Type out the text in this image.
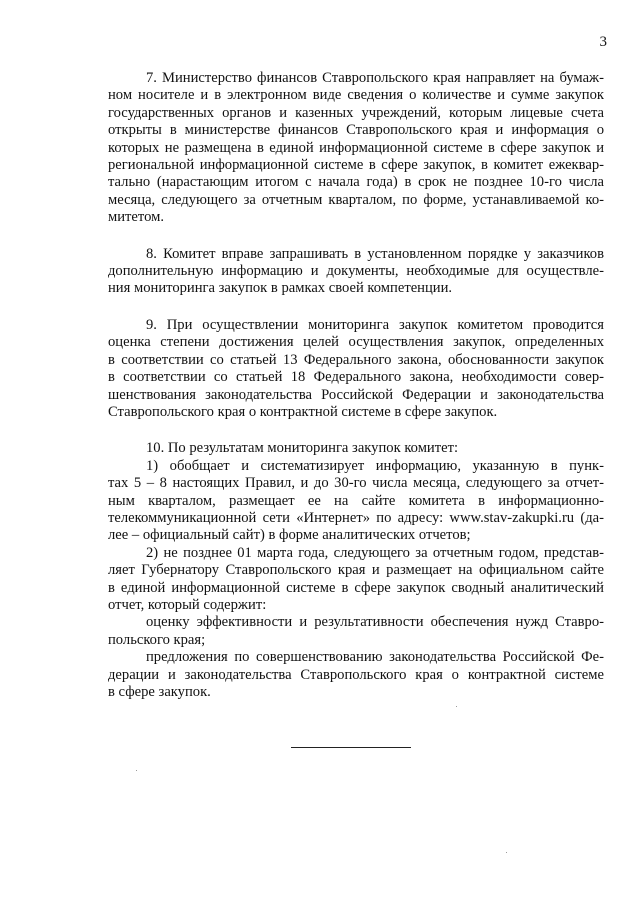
3
7. Министерство финансов Ставропольского края направляет на бумаж-
ном носителе и в электронном виде сведения о количестве и сумме закупок
государственных органов и казенных учреждений, которым лицевые счета
открыты в министерстве финансов Ставропольского края и информация о
которых не размещена в единой информационной системе в сфере закупок и
региональной информационной системе в сфере закупок, в комитет ежеквар-
тально (нарастающим итогом с начала года) в срок не позднее 10-го числа
месяца, следующего за отчетным кварталом, по форме, устанавливаемой ко-
митетом.
8. Комитет вправе запрашивать в установленном порядке у заказчиков
дополнительную информацию и документы, необходимые для осуществле-
ния мониторинга закупок в рамках своей компетенции.
9. При осуществлении мониторинга закупок комитетом проводится
оценка степени достижения целей осуществления закупок, определенных
в соответствии со статьей 13 Федерального закона, обоснованности закупок
в соответствии со статьей 18 Федерального закона, необходимости совер-
шенствования законодательства Российской Федерации и законодательства
Ставропольского края о контрактной системе в сфере закупок.
10. По результатам мониторинга закупок комитет:
1) обобщает и систематизирует информацию, указанную в пунк-
тах 5 – 8 настоящих Правил, и до 30-го числа месяца, следующего за отчет-
ным кварталом, размещает ее на сайте комитета в информационно-
телекоммуникационной сети «Интернет» по адресу: www.stav-zakupki.ru (да-
лее – официальный сайт) в форме аналитических отчетов;
2) не позднее 01 марта года, следующего за отчетным годом, представ-
ляет Губернатору Ставропольского края и размещает на официальном сайте
в единой информационной системе в сфере закупок сводный аналитический
отчет, который содержит:
оценку эффективности и результативности обеспечения нужд Ставро-
польского края;
предложения по совершенствованию законодательства Российской Фе-
дерации и законодательства Ставропольского края о контрактной системе
в сфере закупок.
